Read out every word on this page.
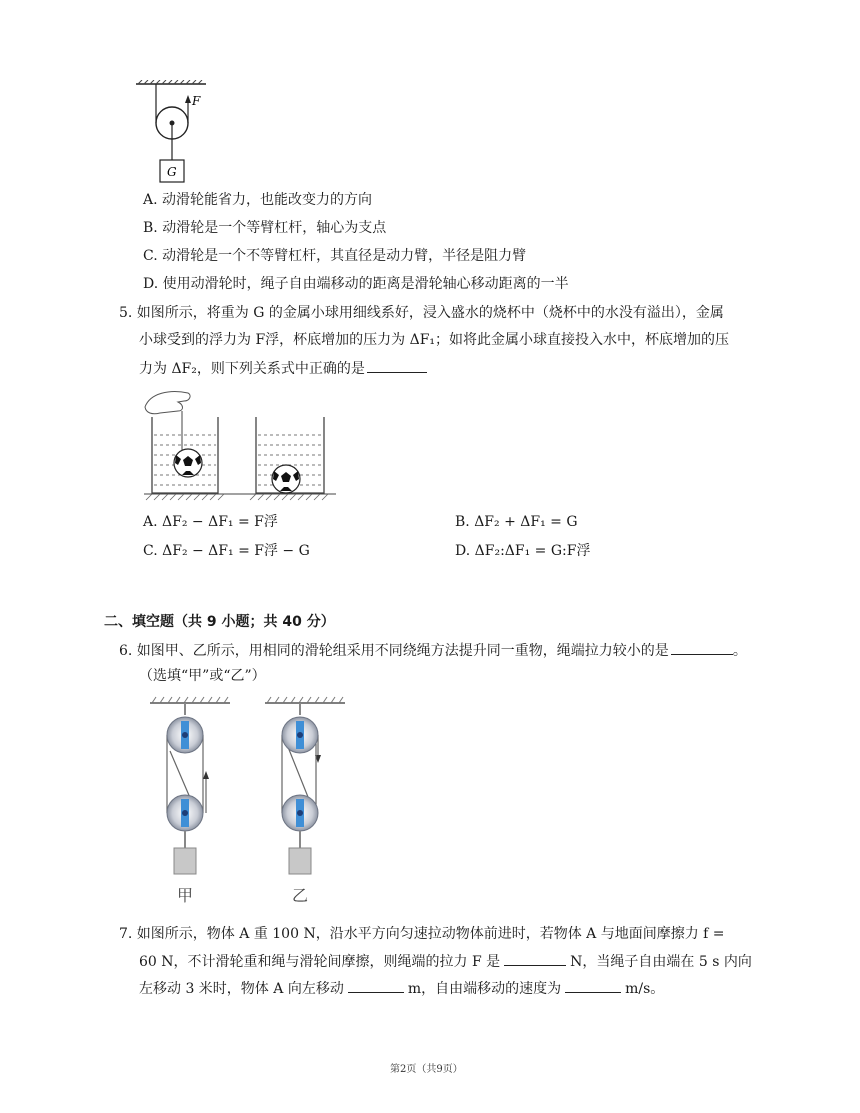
F
G
A. 动滑轮能省力，也能改变力的方向
B. 动滑轮是一个等臂杠杆，轴心为支点
C. 动滑轮是一个不等臂杠杆，其直径是动力臂，半径是阻力臂
D. 使用动滑轮时，绳子自由端移动的距离是滑轮轴心移动距离的一半
5. 如图所示，将重为 G 的金属小球用细线系好，浸入盛水的烧杯中（烧杯中的水没有溢出），金属
小球受到的浮力为 F浮，杯底增加的压力为 ΔF₁；如将此金属小球直接投入水中，杯底增加的压
力为 ΔF₂，则下列关系式中正确的是
A. ΔF₂ − ΔF₁ = F浮	B. ΔF₂ + ΔF₁ = G
C. ΔF₂ − ΔF₁ = F浮 − G	D. ΔF₂:ΔF₁ = G:F浮
二、填空题（共 9 小题；共 40 分）
6. 如图甲、乙所示，用相同的滑轮组采用不同绕绳方法提升同一重物，绳端拉力较小的是	。
（选填“甲”或“乙”）
甲	乙
7. 如图所示，物体 A 重 100 N，沿水平方向匀速拉动物体前进时，若物体 A 与地面间摩擦力 f =
60 N，不计滑轮重和绳与滑轮间摩擦，则绳端的拉力 F 是	N，当绳子自由端在 5 s 内向
左移动 3 米时，物体 A 向左移动	m，自由端移动的速度为	m/s。
第2页（共9页）
